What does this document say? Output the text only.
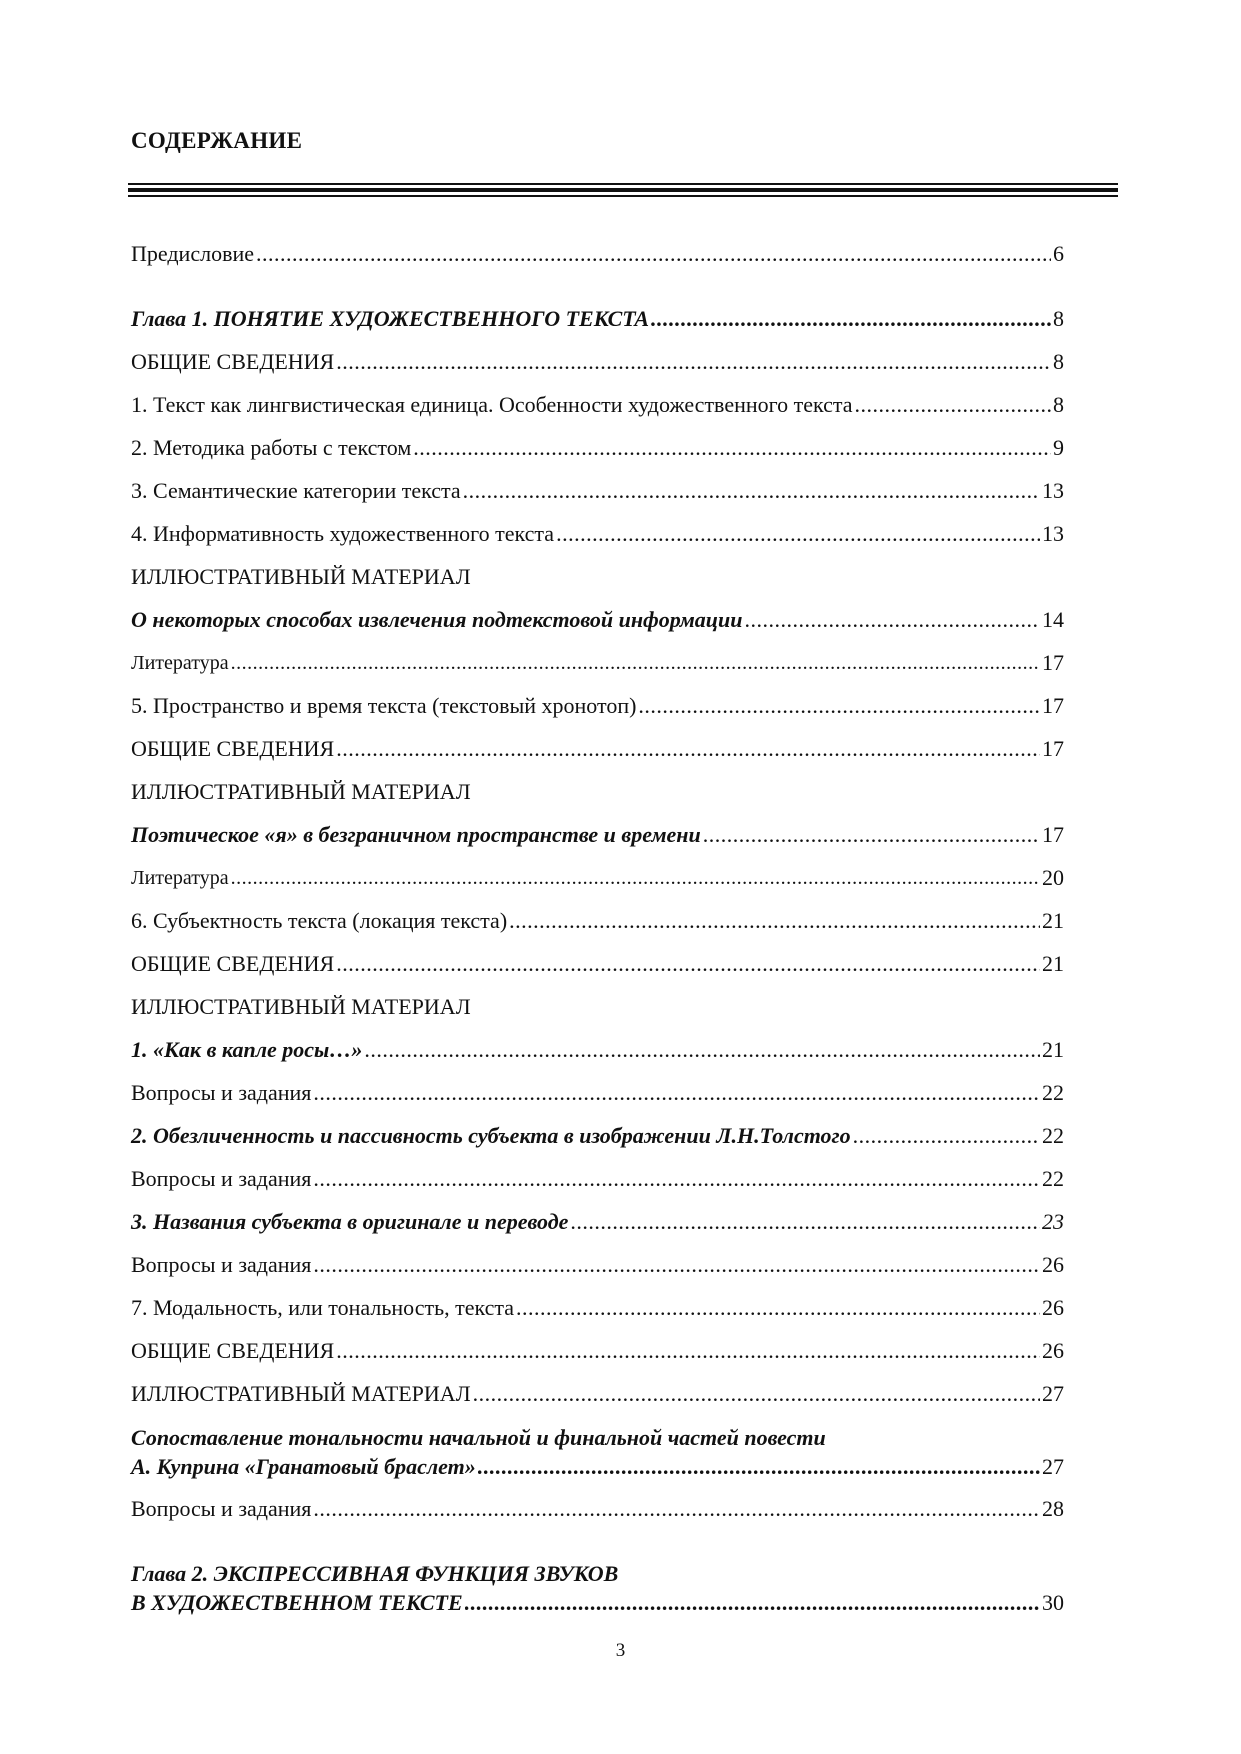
СОДЕРЖАНИЕ
Предисловие .....	6
Глава 1. ПОНЯТИЕ ХУДОЖЕСТВЕННОГО ТЕКСТА .....	8
ОБЩИЕ СВЕДЕНИЯ .....	8
1. Текст как лингвистическая единица. Особенности художественного текста .....	8
2. Методика работы с текстом .....	9
3. Семантические категории текста .....	13
4. Информативность художественного текста .....	13
ИЛЛЮСТРАТИВНЫЙ МАТЕРИАЛ
О некоторых способах извлечения подтекстовой информации .....	14
Литература .....	17
5. Пространство и время текста (текстовый хронотоп) .....	17
ОБЩИЕ СВЕДЕНИЯ .....	17
ИЛЛЮСТРАТИВНЫЙ МАТЕРИАЛ
Поэтическое «я» в безграничном пространстве и времени .....	17
Литература .....	20
6. Субъектность текста (локация текста) .....	21
ОБЩИЕ СВЕДЕНИЯ .....	21
ИЛЛЮСТРАТИВНЫЙ МАТЕРИАЛ
1. «Как в капле росы…» .....	21
Вопросы и задания .....	22
2. Обезличенность и пассивность субъекта в изображении Л.Н.Толстого .....	22
Вопросы и задания .....	22
3. Названия субъекта в оригинале и переводе .....	23
Вопросы и задания .....	26
7. Модальность, или тональность, текста .....	26
ОБЩИЕ СВЕДЕНИЯ .....	26
ИЛЛЮСТРАТИВНЫЙ МАТЕРИАЛ .....	27
Сопоставление тональности начальной и финальной частей повести
А. Куприна «Гранатовый браслет» .....	27
Вопросы и задания .....	28
Глава 2. ЭКСПРЕССИВНАЯ ФУНКЦИЯ ЗВУКОВ
В ХУДОЖЕСТВЕННОМ ТЕКСТЕ .....	30
3
